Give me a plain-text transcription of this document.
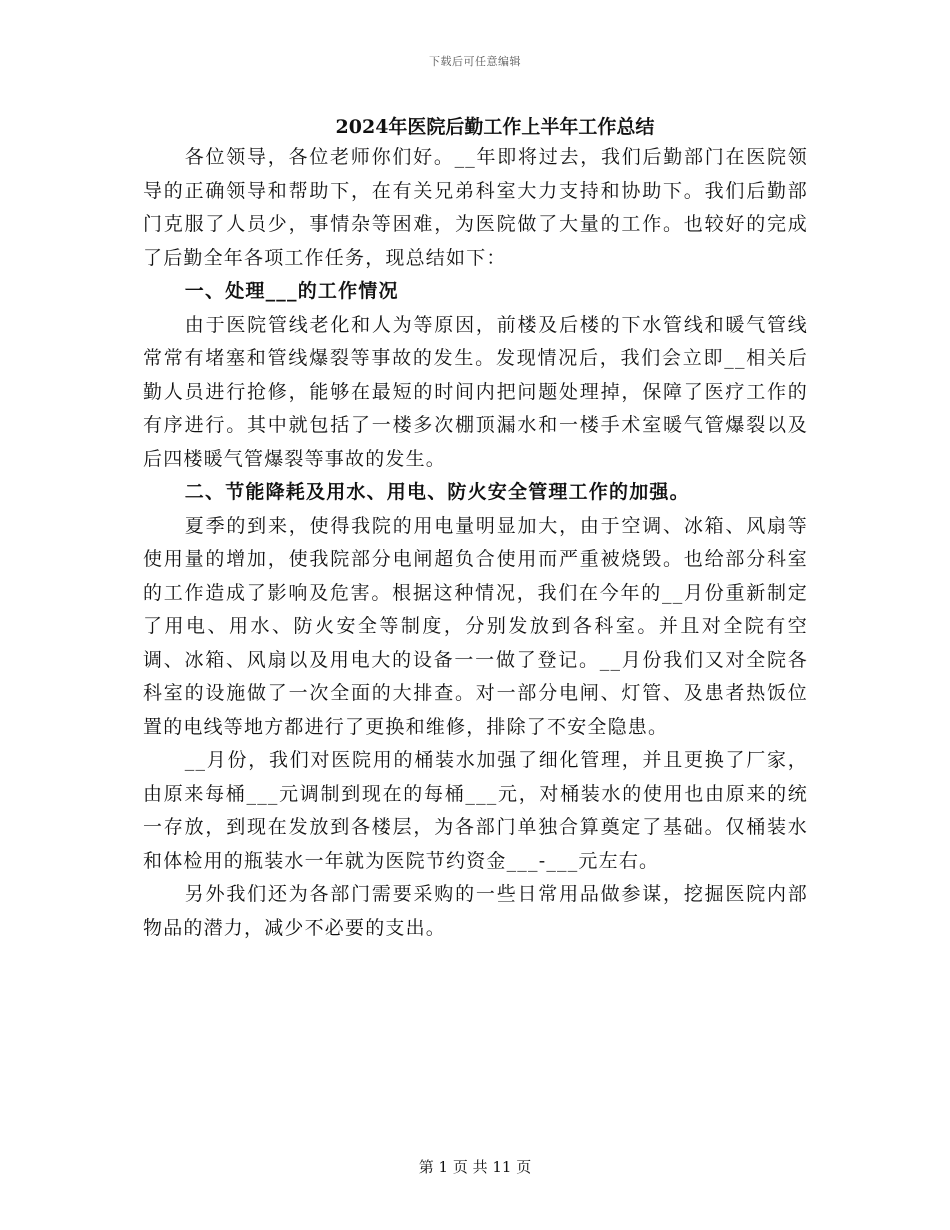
下载后可任意编辑
2024年医院后勤工作上半年工作总结

各位领导，各位老师你们好。__年即将过去，我们后勤部门在医院领导的正确领导和帮助下，在有关兄弟科室大力支持和协助下。我们后勤部门克服了人员少，事情杂等困难，为医院做了大量的工作。也较好的完成了后勤全年各项工作任务，现总结如下：

一、处理___的工作情况

由于医院管线老化和人为等原因，前楼及后楼的下水管线和暖气管线常常有堵塞和管线爆裂等事故的发生。发现情况后，我们会立即__相关后勤人员进行抢修，能够在最短的时间内把问题处理掉，保障了医疗工作的有序进行。其中就包括了一楼多次棚顶漏水和一楼手术室暖气管爆裂以及后四楼暖气管爆裂等事故的发生。

二、节能降耗及用水、用电、防火安全管理工作的加强。

夏季的到来，使得我院的用电量明显加大，由于空调、冰箱、风扇等使用量的增加，使我院部分电闸超负合使用而严重被烧毁。也给部分科室的工作造成了影响及危害。根据这种情况，我们在今年的__月份重新制定了用电、用水、防火安全等制度，分别发放到各科室。并且对全院有空调、冰箱、风扇以及用电大的设备一一做了登记。__月份我们又对全院各科室的设施做了一次全面的大排查。对一部分电闸、灯管、及患者热饭位置的电线等地方都进行了更换和维修，排除了不安全隐患。

__月份，我们对医院用的桶装水加强了细化管理，并且更换了厂家，由原来每桶___元调制到现在的每桶___元，对桶装水的使用也由原来的统一存放，到现在发放到各楼层，为各部门单独合算奠定了基础。仅桶装水和体检用的瓶装水一年就为医院节约资金___-___元左右。

另外我们还为各部门需要采购的一些日常用品做参谋，挖掘医院内部物品的潜力，减少不必要的支出。

第 1 页 共 11 页
